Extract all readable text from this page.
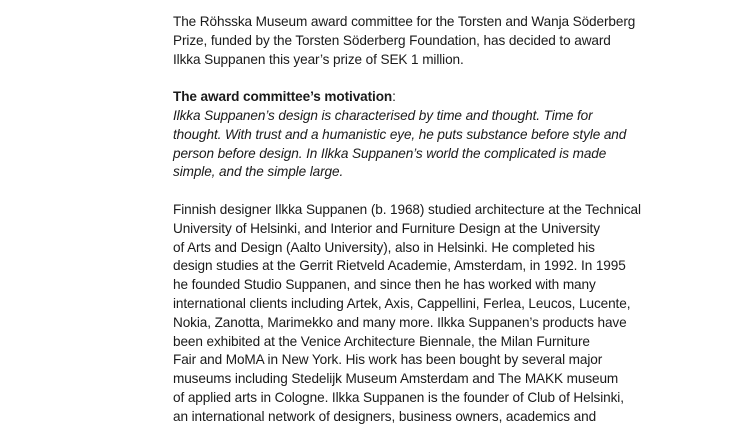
The Röhsska Museum award committee for the Torsten and Wanja Söderberg
Prize, funded by the Torsten Söderberg Foundation, has decided to award
Ilkka Suppanen this year’s prize of SEK 1 million.
The award committee’s motivation:
Ilkka Suppanen’s design is characterised by time and thought. Time for
thought. With trust and a humanistic eye, he puts substance before style and
person before design. In Ilkka Suppanen’s world the complicated is made
simple, and the simple large.
Finnish designer Ilkka Suppanen (b. 1968) studied architecture at the Technical
University of Helsinki, and Interior and Furniture Design at the University
of Arts and Design (Aalto University), also in Helsinki. He completed his
design studies at the Gerrit Rietveld Academie, Amsterdam, in 1992. In 1995
he founded Studio Suppanen, and since then he has worked with many
international clients including Artek, Axis, Cappellini, Ferlea, Leucos, Lucente,
Nokia, Zanotta, Marimekko and many more. Ilkka Suppanen’s products have
been exhibited at the Venice Architecture Biennale, the Milan Furniture
Fair and MoMA in New York. His work has been bought by several major
museums including Stedelijk Museum Amsterdam and The MAKK museum
of applied arts in Cologne. Ilkka Suppanen is the founder of Club of Helsinki,
an international network of designers, business owners, academics and
